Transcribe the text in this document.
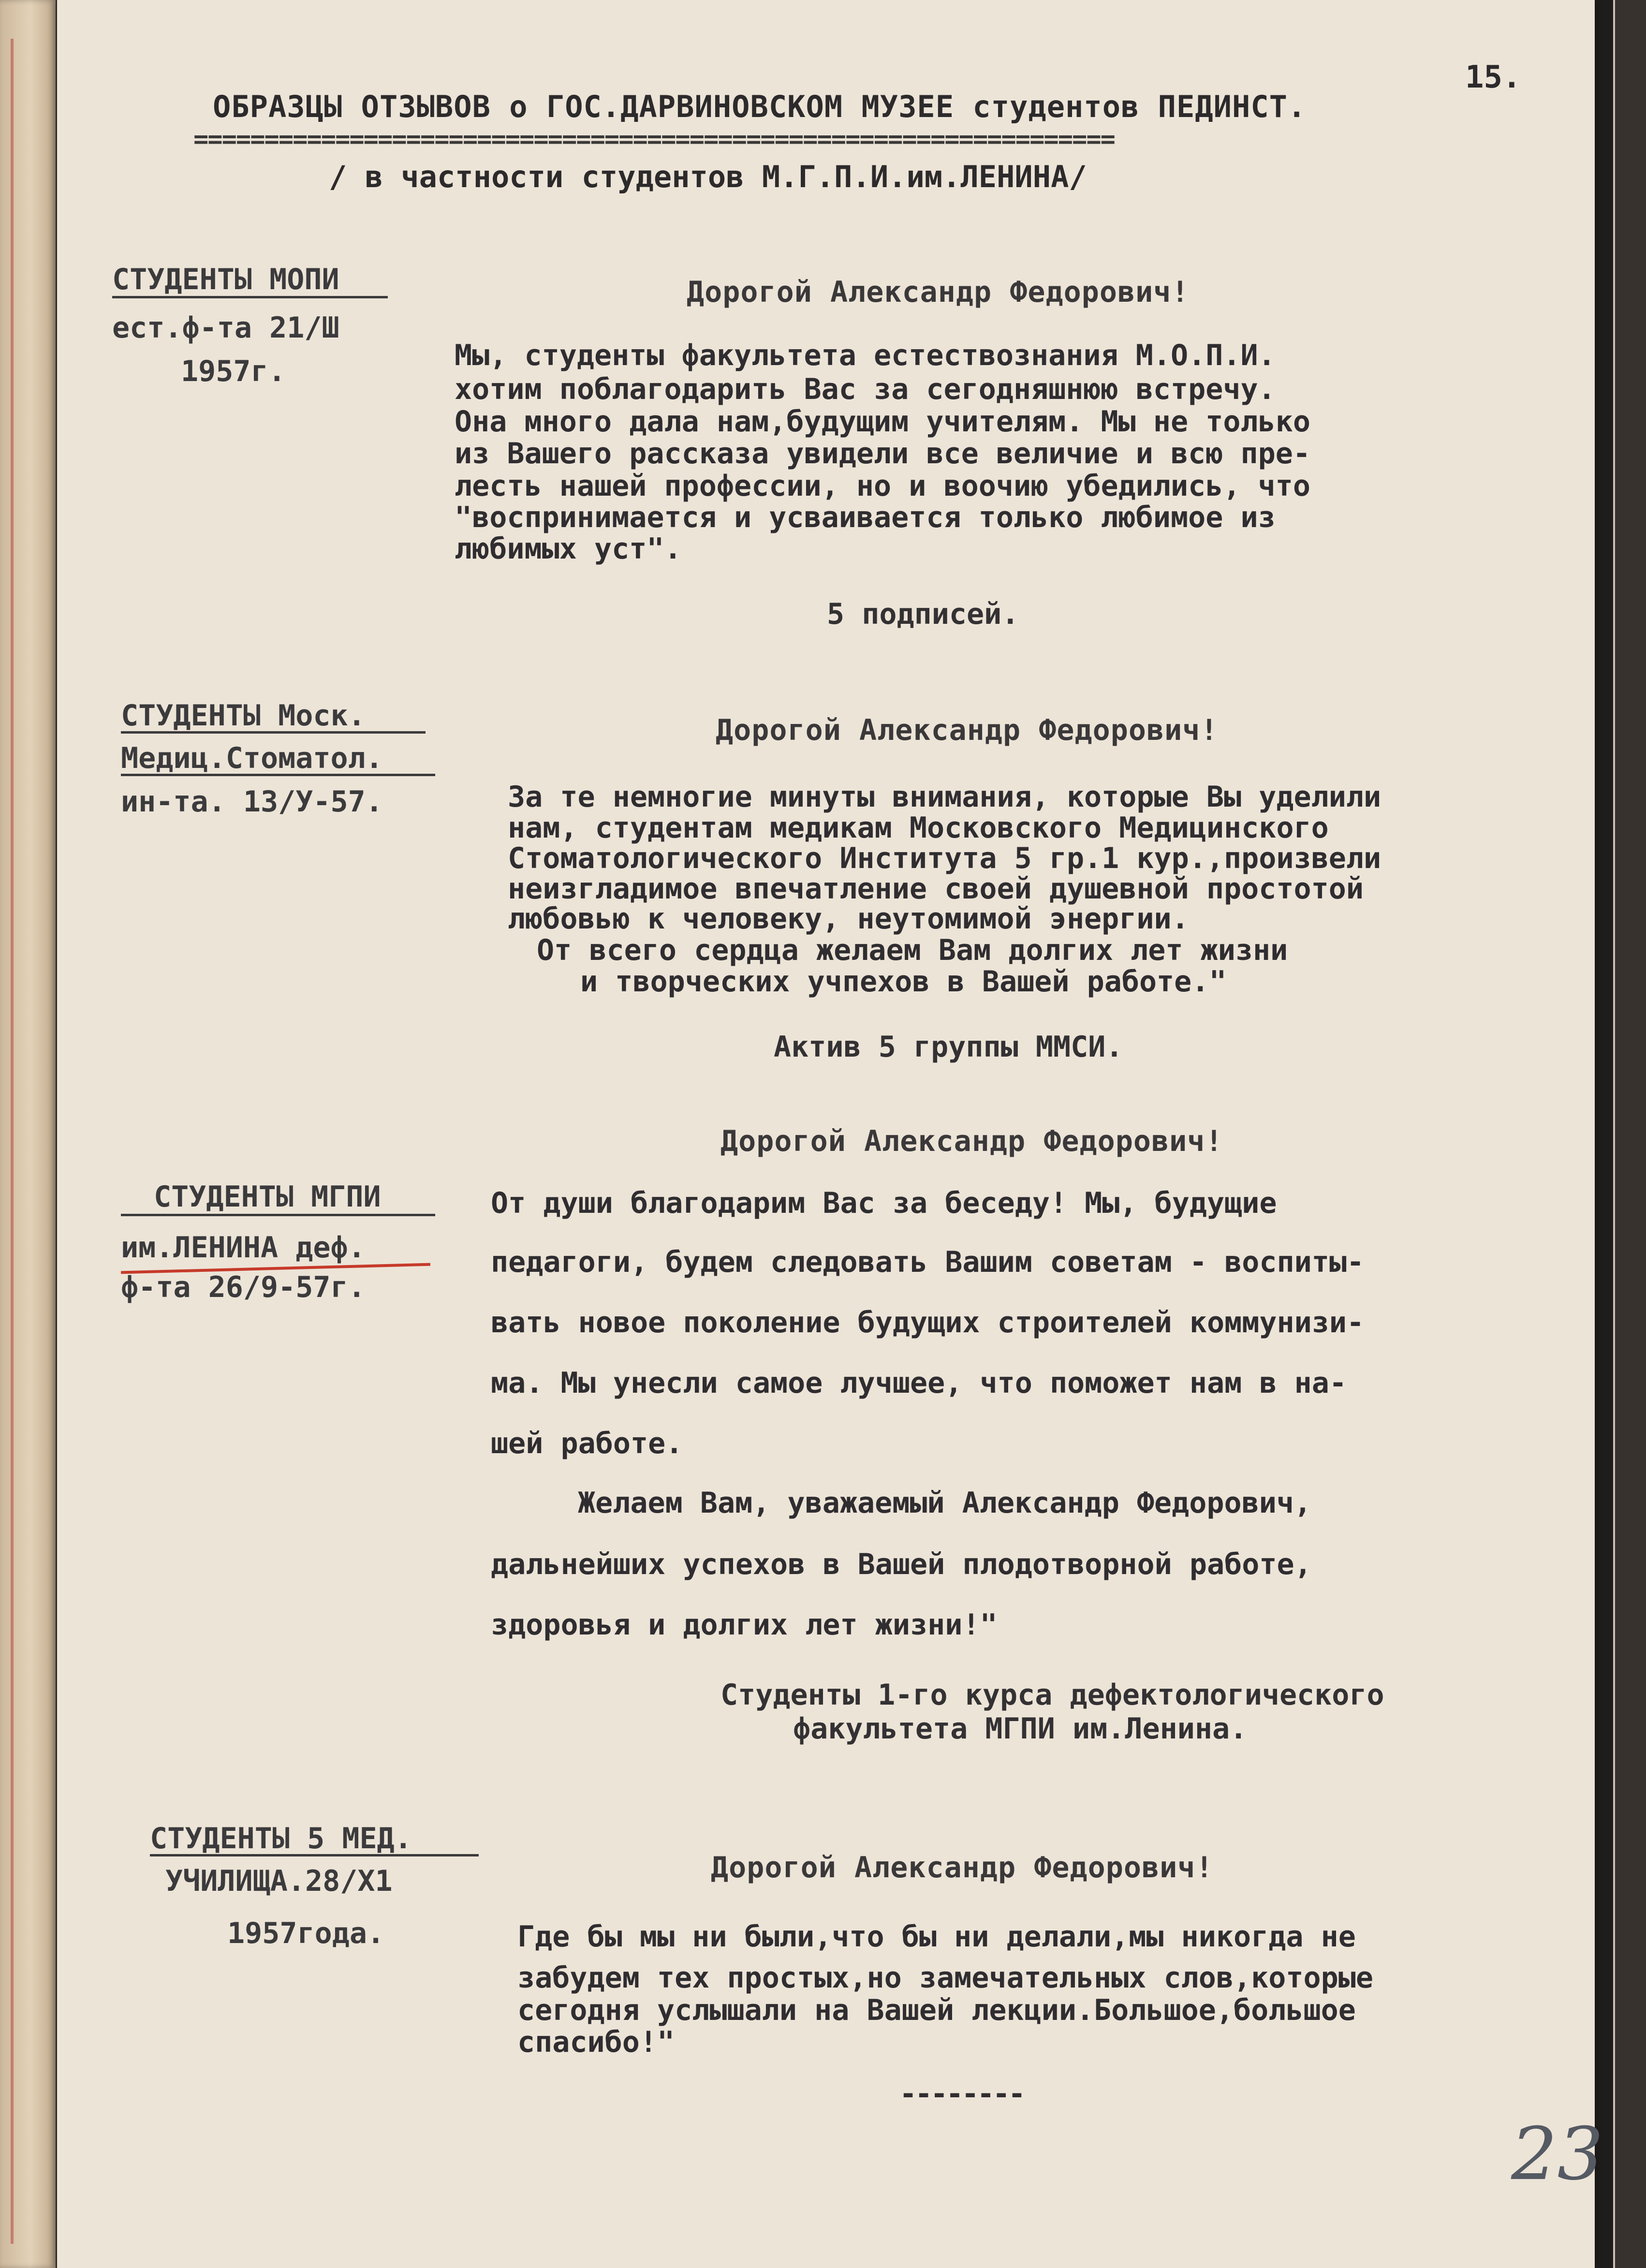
15.
ОБРАЗЦЫ ОТЗЫВОВ о ГОС.ДАРВИНОВСКОМ МУЗЕЕ студентов ПЕДИНСТ.
=================================================================
/ в частности студентов М.Г.П.И.им.ЛЕНИНА/
СТУДЕНТЫ МОПИ
ест.ф-та 21/Ш
1957г.
Дорогой Александр Федорович!
Мы, студенты факультета естествознания М.О.П.И.
хотим поблагодарить Вас за сегодняшнюю встречу.
Она много дала нам,будущим учителям. Мы не только
из Вашего рассказа увидели все величие и всю пре-
лесть нашей профессии, но и воочию убедились, что
"воспринимается и усваивается только любимое из
любимых уст".
5 подписей.
СТУДЕНТЫ Моск.
Медиц.Стоматол.
ин-та. 13/У-57.
Дорогой Александр Федорович!
За те немногие минуты внимания, которые Вы уделили
нам, студентам медикам Московского Медицинского
Стоматологического Института 5 гр.1 кур.,произвели
неизгладимое впечатление своей душевной простотой
любовью к человеку, неутомимой энергии.
От всего сердца желаем Вам долгих лет жизни
и творческих учпехов в Вашей работе."
Актив 5 группы ММСИ.
Дорогой Александр Федорович!
СТУДЕНТЫ МГПИ
им.ЛЕНИНА деф.
ф-та 26/9-57г.
От души благодарим Вас за беседу! Мы, будущие
педагоги, будем следовать Вашим советам - воспиты-
вать новое поколение будущих строителей коммунизи-
ма. Мы унесли самое лучшее, что поможет нам в на-
шей работе.
Желаем Вам, уважаемый Александр Федорович,
дальнейших успехов в Вашей плодотворной работе,
здоровья и долгих лет жизни!"
Студенты 1-го курса дефектологического
факультета МГПИ им.Ленина.
СТУДЕНТЫ 5 МЕД.
УЧИЛИЩА.28/Х1
1957года.
Дорогой Александр Федорович!
Где бы мы ни были,что бы ни делали,мы никогда не
забудем тех простых,но замечательных слов,которые
сегодня услышали на Вашей лекции.Большое,большое
спасибо!"
--------
23
